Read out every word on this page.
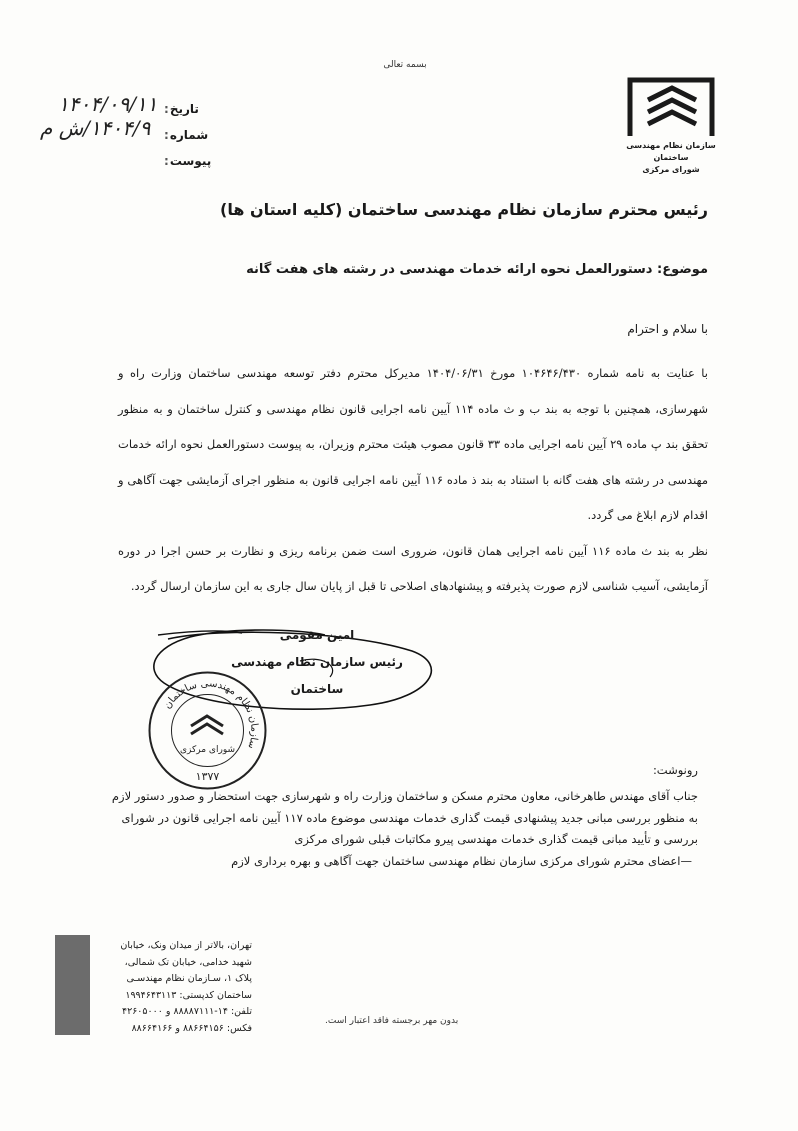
بسمه تعالی
سازمان نظام مهندسی ساختمان
شورای مرکزی
تاریخ
:
شماره
:
پیوست
:
۱۴۰۴/۰۹/۱۱
۱۴۰۴/۹/ش م
رئیس محترم سازمان نظام مهندسی ساختمان (کلیه استان ها)
موضوع: دستورالعمل نحوه ارائه خدمات مهندسی در رشته های هفت گانه
با سلام و احترام
با عنایت به نامه شماره ۱۰۴۶۴۶/۴۳۰ مورخ ۱۴۰۴/۰۶/۳۱ مدیرکل محترم دفتر توسعه مهندسی ساختمان وزارت راه و شهرسازی، همچنین با توجه به بند ب و ث ماده ۱۱۴ آیین نامه اجرایی قانون نظام مهندسی و کنترل ساختمان و به منظور تحقق بند پ ماده ۲۹ آیین نامه اجرایی ماده ۳۳ قانون مصوب هیئت محترم وزیران، به پیوست دستورالعمل نحوه ارائه خدمات مهندسی در رشته های هفت گانه با استناد به بند ذ ماده ۱۱۶ آیین نامه اجرایی قانون به منظور اجرای آزمایشی جهت آگاهی و اقدام لازم ابلاغ می گردد.
نظر به بند ث ماده ۱۱۶ آیین نامه اجرایی همان قانون، ضروری است ضمن برنامه ریزی و نظارت بر حسن اجرا در دوره آزمایشی، آسیب شناسی لازم صورت پذیرفته و پیشنهادهای اصلاحی تا قبل از پایان سال جاری به این سازمان ارسال گردد.
امین مقومی
رئیس سازمان نظام مهندسی ساختمان
سازمان نظام مهندسی ساختمان
شورای مرکزی
۱۳۷۷	رونوشت:

جناب آقای مهندس طاهرخانی، معاون محترم مسکن و ساختمان وزارت راه و شهرسازی جهت استحضار و صدور دستور لازم به منظور بررسی مبانی جدید پیشنهادی قیمت گذاری خدمات مهندسی موضوع ماده ۱۱۷ آیین نامه اجرایی قانون در شورای بررسی و تأیید مبانی قیمت گذاری خدمات مهندسی پیرو مکاتبات قبلی شورای مرکزی

—اعضای محترم شورای مرکزی سازمان نظام مهندسی ساختمان جهت آگاهی و بهره برداری لازم

تهران، بالاتر از میدان ونک، خیابان
شهید خدامی، خیابان تک شمالی،
پلاک ۱، سـازمان نظام مهندسـی
ساختمان کدپستی: ۱۹۹۴۶۴۳۱۱۳
تلفن: ۱۴-۸۸۸۸۷۱۱۱ و ۴۲۶۰۵۰۰۰
فکس: ۸۸۶۶۴۱۵۶ و ۸۸۶۶۴۱۶۶
بدون مهر برجسته فاقد اعتبار است.
